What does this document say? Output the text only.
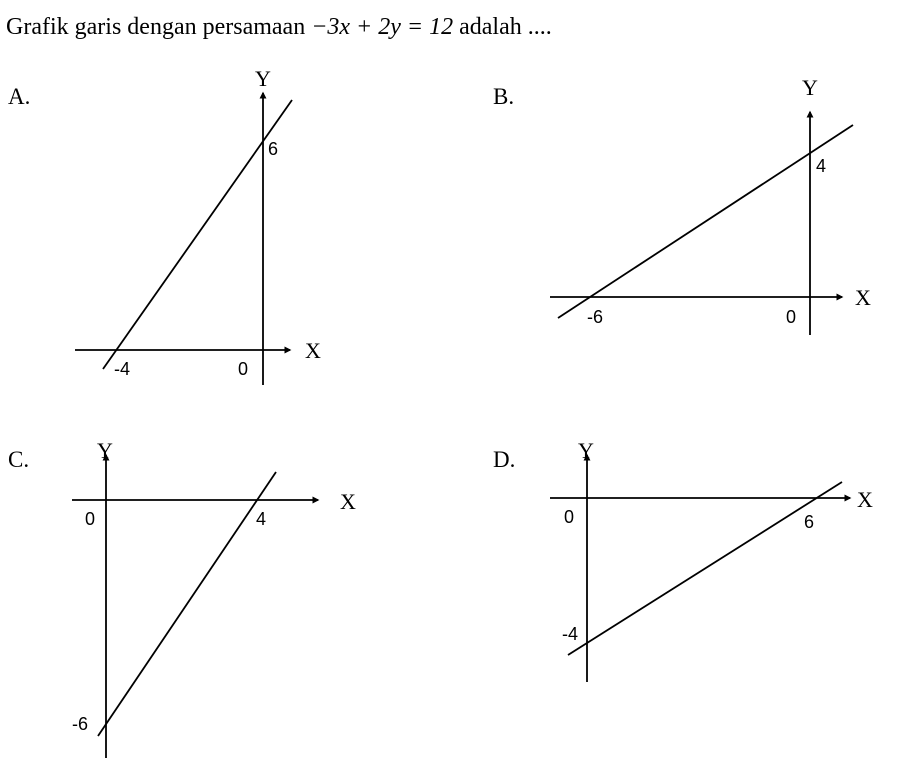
Grafik garis dengan persamaan −3x + 2y = 12 adalah ....
A.
Y
X
6
-4	0
B.	Y
X
4
-6	0
C.	Y
X
4
0
-6
D.	Y
X
0	6
-4
